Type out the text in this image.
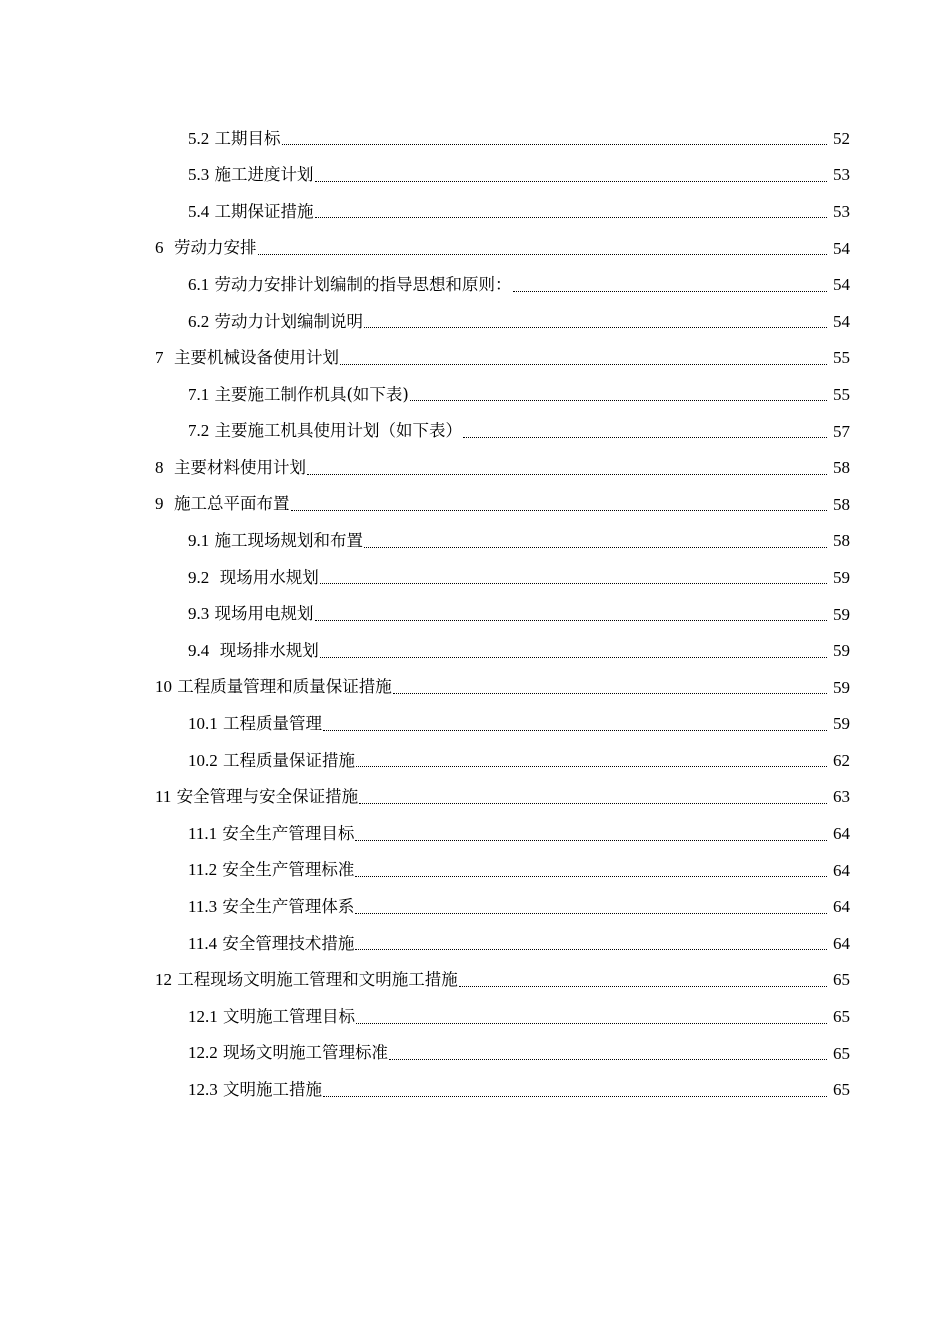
5.2 工期目标	52
5.3 施工进度计划	53
5.4 工期保证措施	53
6  劳动力安排	54
6.1 劳动力安排计划编制的指导思想和原则：	54
6.2 劳动力计划编制说明	54
7  主要机械设备使用计划	55
7.1 主要施工制作机具(如下表)	55
7.2 主要施工机具使用计划（如下表）	57
8  主要材料使用计划	58
9  施工总平面布置	58
9.1 施工现场规划和布置	58
9.2  现场用水规划	59
9.3 现场用电规划	59
9.4  现场排水规划	59
10 工程质量管理和质量保证措施	59
10.1 工程质量管理	59
10.2 工程质量保证措施	62
11 安全管理与安全保证措施	63
11.1 安全生产管理目标	64
11.2 安全生产管理标准	64
11.3 安全生产管理体系	64
11.4 安全管理技术措施	64
12 工程现场文明施工管理和文明施工措施	65
12.1 文明施工管理目标	65
12.2 现场文明施工管理标准	65
12.3 文明施工措施	65
